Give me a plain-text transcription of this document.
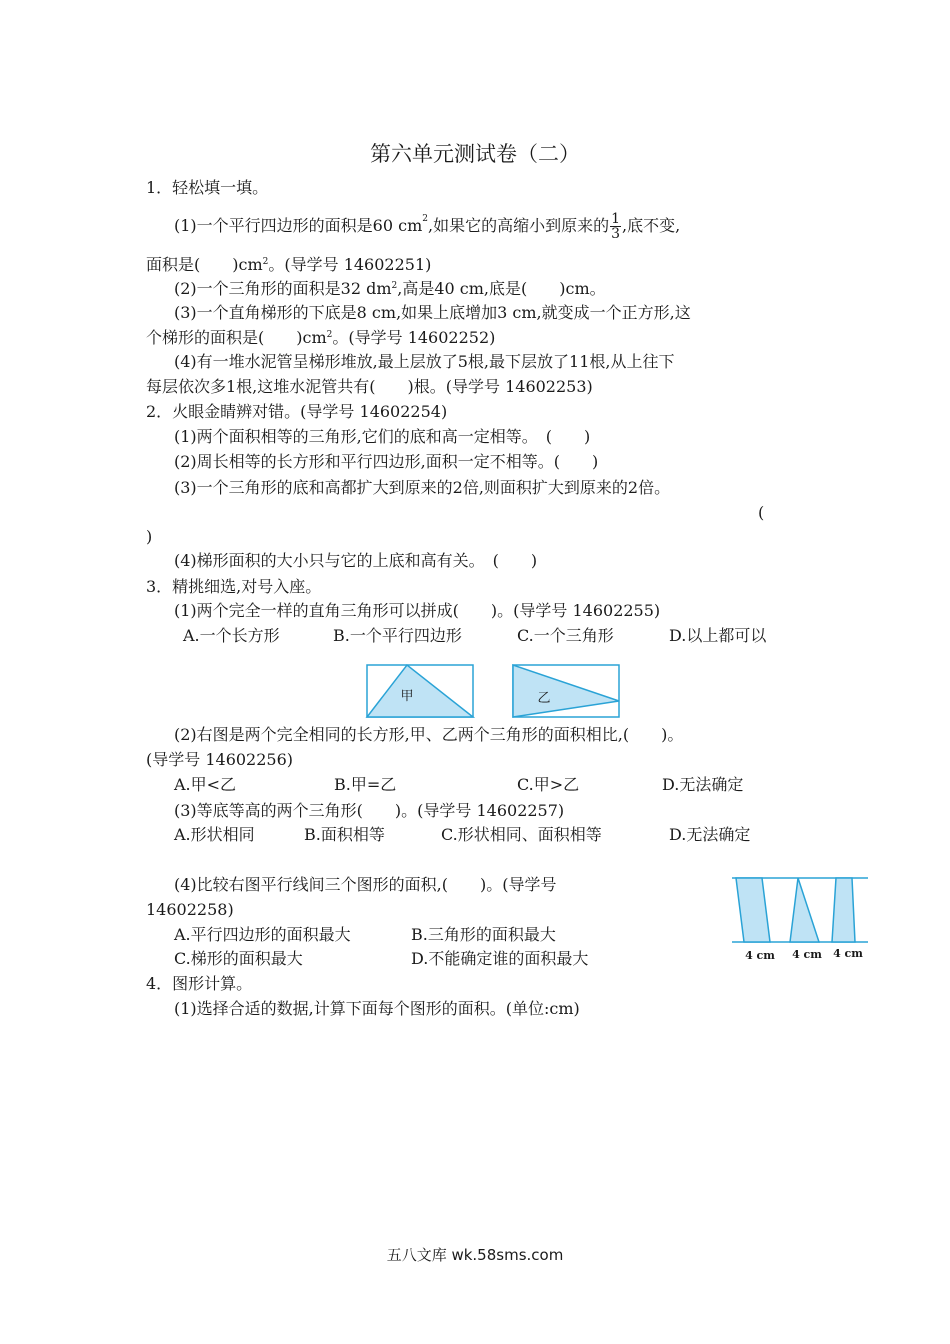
第六单元测试卷（二）
1．轻松填一填。
(1)一个平行四边形的面积是60 $cm^2$,如果它的高缩小到原来的 $\frac{1}{3}$ ,底不变,
面积是(　　)$cm^2$。(导学号 14602251)
(2)一个三角形的面积是32 $dm^2$,高是40 cm,底是(　　)cm。
(3)一个直角梯形的下底是8 cm,如果上底增加3 cm,就变成一个正方形,这
个梯形的面积是(　　)$cm^2$。(导学号 14602252)
(4)有一堆水泥管呈梯形堆放,最上层放了5根,最下层放了11根,从上往下
每层依次多1根,这堆水泥管共有(　　)根。(导学号 14602253)
2．火眼金睛辨对错。(导学号 14602254)
(1)两个面积相等的三角形,它们的底和高一定相等。　(　　)
(2)周长相等的长方形和平行四边形,面积一定不相等。(　　)
(3)一个三角形的底和高都扩大到原来的2倍,则面积扩大到原来的2倍。
(
)
(4)梯形面积的大小只与它的上底和高有关。　(　　)
3．精挑细选,对号入座。
(1)两个完全一样的直角三角形可以拼成(　　)。(导学号 14602255)
A.一个长方形	B.一个平行四边形	C.一个三角形	D.以上都可以
甲	乙
(2)右图是两个完全相同的长方形,甲、乙两个三角形的面积相比,(　　)。
(导学号 14602256)
A.甲<乙	B.甲=乙	C.甲>乙	D.无法确定
(3)等底等高的两个三角形(　　)。(导学号 14602257)
A.形状相同	B.面积相等	C.形状相同、面积相等	D.无法确定
(4)比较右图平行线间三个图形的面积,(　　)。(导学号
14602258)
A.平行四边形的面积最大	B.三角形的面积最大
C.梯形的面积最大	D.不能确定谁的面积最大	4 cm 4 cm 4 cm
4．图形计算。
(1)选择合适的数据,计算下面每个图形的面积。(单位:cm)
五八文库 wk.58sms.com
